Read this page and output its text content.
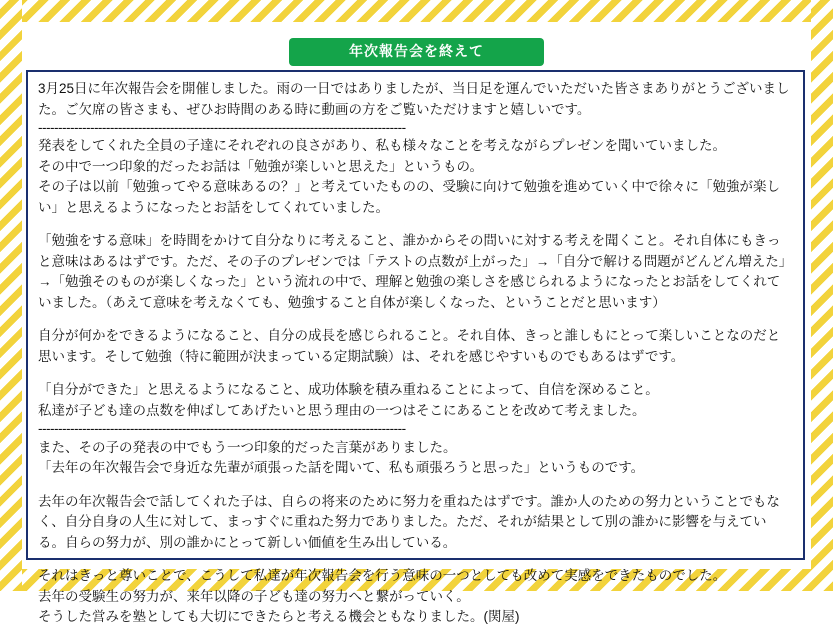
年次報告会を終えて

3月25日に年次報告会を開催しました。雨の一日ではありましたが、当日足を運んでいただいた皆さまありがとうございました。ご欠席の皆さまも、ぜひお時間のある時に動画の方をご覧いただけますと嬉しいです。

--------------------------------------------------------------------------------------------

発表をしてくれた全員の子達にそれぞれの良さがあり、私も様々なことを考えながらプレゼンを聞いていました。

その中で一つ印象的だったお話は「勉強が楽しいと思えた」というもの。

その子は以前「勉強ってやる意味あるの？」と考えていたものの、受験に向けて勉強を進めていく中で徐々に「勉強が楽しい」と思えるようになったとお話をしてくれていました。

「勉強をする意味」を時間をかけて自分なりに考えること、誰かからその問いに対する考えを聞くこと。それ自体にもきっと意味はあるはずです。ただ、その子のプレゼンでは「テストの点数が上がった」→「自分で解ける問題がどんどん増えた」→「勉強そのものが楽しくなった」という流れの中で、理解と勉強の楽しさを感じられるようになったとお話をしてくれていました。（あえて意味を考えなくても、勉強すること自体が楽しくなった、ということだと思います）

自分が何かをできるようになること、自分の成長を感じられること。それ自体、きっと誰しもにとって楽しいことなのだと思います。そして勉強（特に範囲が決まっている定期試験）は、それを感じやすいものでもあるはずです。

「自分ができた」と思えるようになること、成功体験を積み重ねることによって、自信を深めること。

私達が子ども達の点数を伸ばしてあげたいと思う理由の一つはそこにあることを改めて考えました。

--------------------------------------------------------------------------------------------

また、その子の発表の中でもう一つ印象的だった言葉がありました。

「去年の年次報告会で身近な先輩が頑張った話を聞いて、私も頑張ろうと思った」というものです。

去年の年次報告会で話してくれた子は、自らの将来のために努力を重ねたはずです。誰か人のための努力ということでもなく、自分自身の人生に対して、まっすぐに重ねた努力でありました。ただ、それが結果として別の誰かに影響を与えている。自らの努力が、別の誰かにとって新しい価値を生み出している。

それはきっと尊いことで、こうして私達が年次報告会を行う意味の一つとしても改めて実感をできたものでした。

去年の受験生の努力が、来年以降の子ども達の努力へと繋がっていく。

そうした営みを塾としても大切にできたらと考える機会ともなりました。(関屋)
